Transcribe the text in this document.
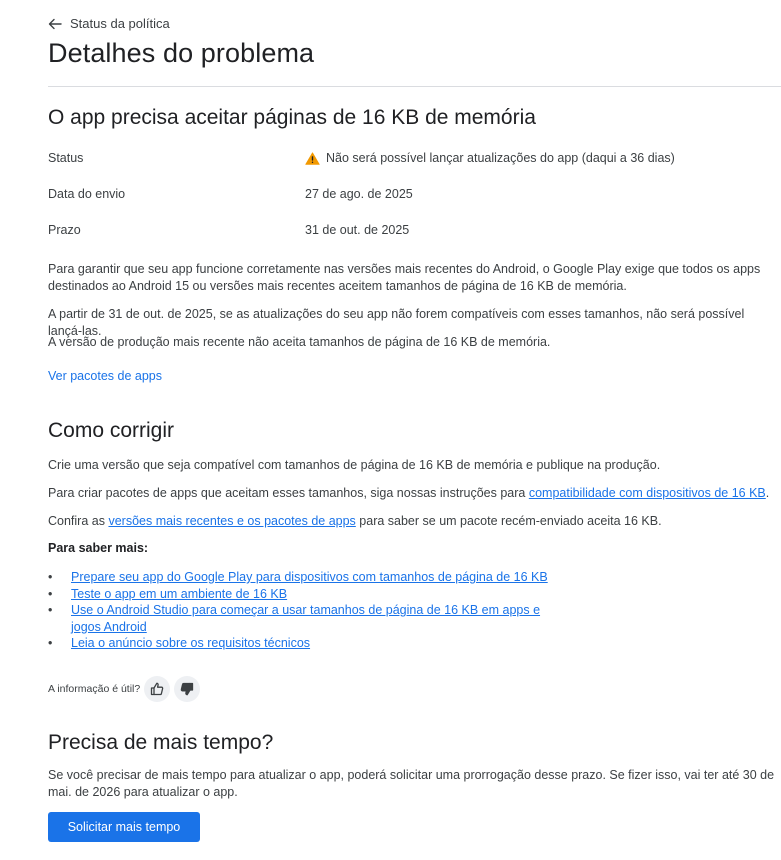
Status da política
Detalhes do problema
O app precisa aceitar páginas de 16 KB de memória
Status	Não será possível lançar atualizações do app (daqui a 36 dias)
Data do envio	27 de ago. de 2025
Prazo	31 de out. de 2025

Para garantir que seu app funcione corretamente nas versões mais recentes do Android, o Google Play exige que todos os apps destinados ao Android 15 ou versões mais recentes aceitem tamanhos de página de 16 KB de memória.

A partir de 31 de out. de 2025, se as atualizações do seu app não forem compatíveis com esses tamanhos, não será possível lançá-las.

A versão de produção mais recente não aceita tamanhos de página de 16 KB de memória.

Ver pacotes de apps
Como corrigir

Crie uma versão que seja compatível com tamanhos de página de 16 KB de memória e publique na produção.

Para criar pacotes de apps que aceitam esses tamanhos, siga nossas instruções para compatibilidade com dispositivos de 16 KB.

Confira as versões mais recentes e os pacotes de apps para saber se um pacote recém-enviado aceita 16 KB.

Para saber mais:

• Prepare seu app do Google Play para dispositivos com tamanhos de página de 16 KB
• Teste o app em um ambiente de 16 KB
• Use o Android Studio para começar a usar tamanhos de página de 16 KB em apps e jogos Android
• Leia o anúncio sobre os requisitos técnicos
A informação é útil?
Precisa de mais tempo?

Se você precisar de mais tempo para atualizar o app, poderá solicitar uma prorrogação desse prazo. Se fizer isso, vai ter até 30 de mai. de 2026 para atualizar o app.

Solicitar mais tempo
